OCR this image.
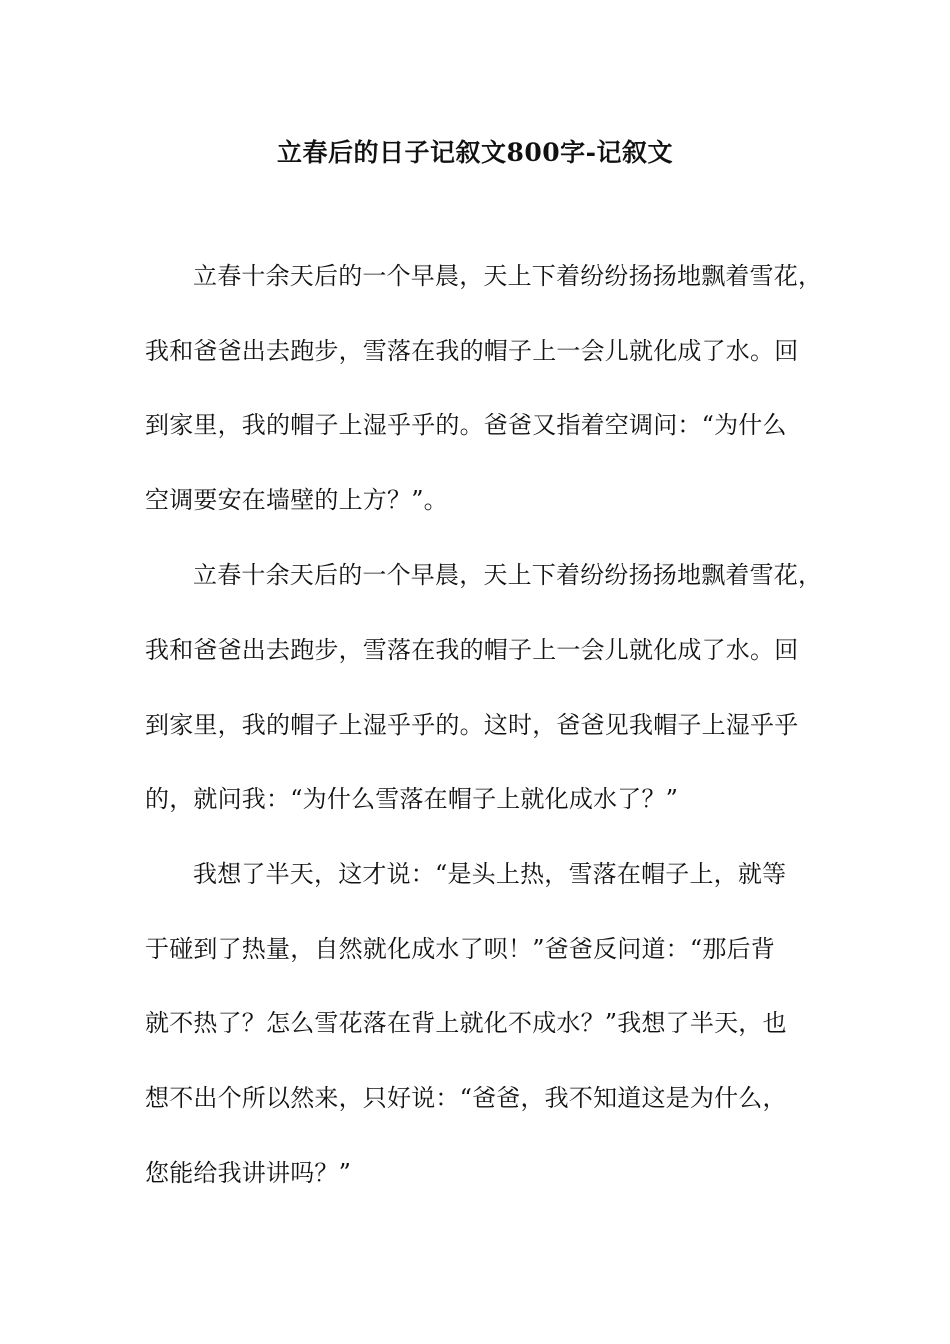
立春后的日子记叙文800字-记叙文
立春十余天后的一个早晨，天上下着纷纷扬扬地飘着雪花，
我和爸爸出去跑步，雪落在我的帽子上一会儿就化成了水。回
到家里，我的帽子上湿乎乎的。爸爸又指着空调问：“为什么
空调要安在墙壁的上方？”。
立春十余天后的一个早晨，天上下着纷纷扬扬地飘着雪花，
我和爸爸出去跑步，雪落在我的帽子上一会儿就化成了水。回
到家里，我的帽子上湿乎乎的。这时，爸爸见我帽子上湿乎乎
的，就问我：“为什么雪落在帽子上就化成水了？”
我想了半天，这才说：“是头上热，雪落在帽子上，就等
于碰到了热量，自然就化成水了呗！”爸爸反问道：“那后背
就不热了？怎么雪花落在背上就化不成水？”我想了半天，也
想不出个所以然来，只好说：“爸爸，我不知道这是为什么，
您能给我讲讲吗？”
